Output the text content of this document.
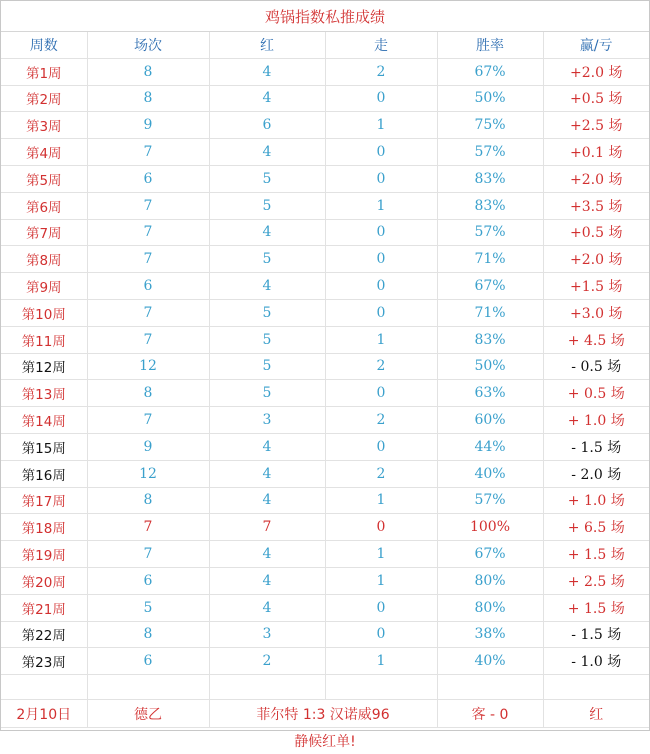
鸡锅指数私推成绩
周数	场次	红	走	胜率	赢/亏
第1周	8	4	2	67%	+2.0 场
第2周	8	4	0	50%	+0.5 场
第3周	9	6	1	75%	+2.5 场
第4周	7	4	0	57%	+0.1 场
第5周	6	5	0	83%	+2.0 场
第6周	7	5	1	83%	+3.5 场
第7周	7	4	0	57%	+0.5 场
第8周	7	5	0	71%	+2.0 场
第9周	6	4	0	67%	+1.5 场
第10周	7	5	0	71%	+3.0 场
第11周	7	5	1	83%	+ 4.5 场
第12周	12	5	2	50%	- 0.5 场
第13周	8	5	0	63%	+ 0.5 场
第14周	7	3	2	60%	+ 1.0 场
第15周	9	4	0	44%	- 1.5 场
第16周	12	4	2	40%	- 2.0 场
第17周	8	4	1	57%	+ 1.0 场
第18周	7	7	0	100%	+ 6.5 场
第19周	7	4	1	67%	+ 1.5 场
第20周	6	4	1	80%	+ 2.5 场
第21周	5	4	0	80%	+ 1.5 场
第22周	8	3	0	38%	- 1.5 场
第23周	6	2	1	40%	- 1.0 场

2月10日	德乙	菲尔特 1:3 汉诺威96		客 - 0	红
静候红单!
